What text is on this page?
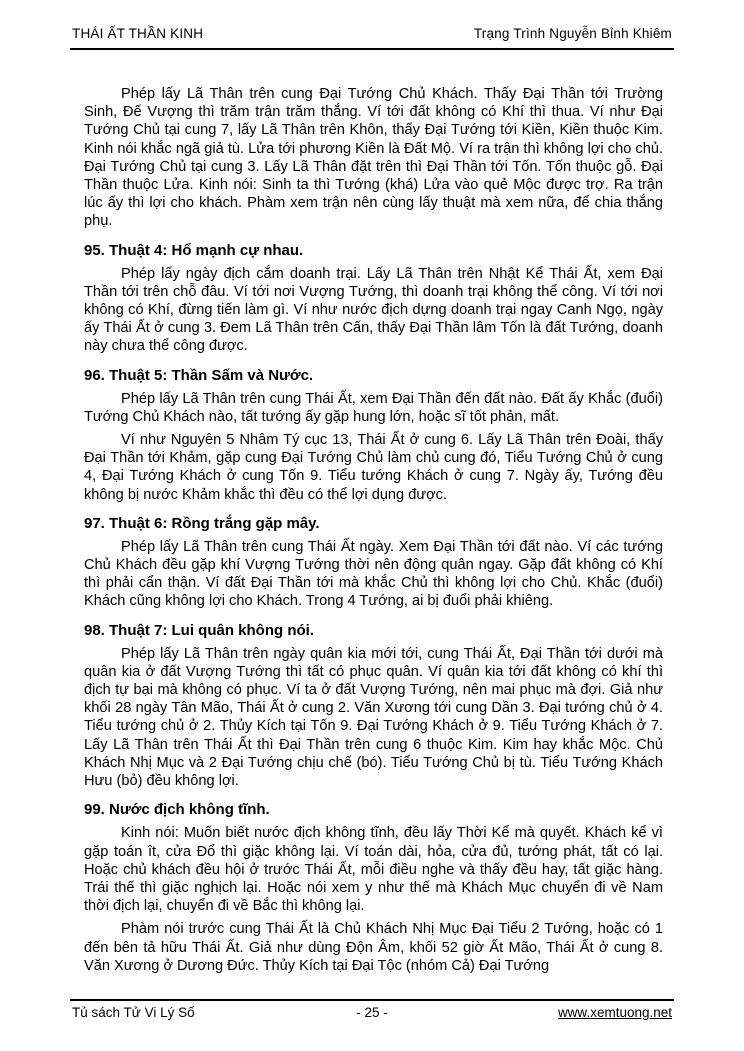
THÁI ẤT THẦN KINH	Trạng Trình Nguyễn Bỉnh Khiêm

Phép lấy Lã Thân trên cung Đại Tướng Chủ Khách. Thấy Đại Thần tới Trường Sinh, Đế Vượng thì trăm trận trăm thắng. Ví tới đất không có Khí thì thua. Ví như Đại Tướng Chủ tại cung 7, lấy Lã Thân trên Khôn, thấy Đại Tướng tới Kiền, Kiền thuộc Kim. Kinh nói khắc ngã giả tù. Lửa tới phương Kiền là Đất Mộ. Ví ra trận thì không lợi cho chủ. Đại Tướng Chủ tại cung 3. Lấy Lã Thân đặt trên thì Đại Thần tới Tốn. Tốn thuộc gỗ. Đại Thần thuộc Lửa. Kinh nói: Sinh ta thì Tướng (khá) Lửa vào quẻ Mộc được trợ. Ra trận lúc ấy thì lợi cho khách. Phàm xem trận nên cùng lấy thuật mà xem nữa, để chia thắng phụ.

95. Thuật 4: Hổ mạnh cự nhau.

Phép lấy ngày địch cắm doanh trại. Lấy Lã Thân trên Nhật Kể Thái Ất, xem Đại Thần tới trên chỗ đâu. Ví tới nơi Vượng Tướng, thì doanh trại không thể công. Ví tới nơi không có Khí, đừng tiến làm gì. Ví như nước địch dựng doanh trại ngay Canh Ngọ, ngày ấy Thái Ất ở cung 3. Đem Lã Thân trên Cấn, thấy Đại Thần lâm Tốn là đất Tướng, doanh này chưa thể công được.

96. Thuật 5: Thần Sấm và Nước.

Phép lấy Lã Thân trên cung Thái Ất, xem Đại Thần đến đất nào. Đất ấy Khắc (đuổi) Tướng Chủ Khách nào, tất tướng ấy gặp hung lớn, hoặc sĩ tốt phản, mất.

Ví như Nguyên 5 Nhâm Tý cục 13, Thái Ất ở cung 6. Lấy Lã Thân trên Đoài, thấy Đại Thần tới Khảm, gặp cung Đại Tướng Chủ làm chủ cung đó, Tiểu Tướng Chủ ở cung 4, Đại Tướng Khách ở cung Tốn 9. Tiểu tướng Khách ở cung 7. Ngày ấy, Tướng đều không bị nước Khảm khắc thì đều có thể lợi dụng được.

97. Thuật 6: Rồng trắng gặp mây.

Phép lấy Lã Thân trên cung Thái Ất ngày. Xem Đại Thần tới đất nào. Ví các tướng Chủ Khách đều gặp khí Vượng Tướng thời nên động quân ngay. Gặp đất không có Khí thì phải cẩn thận. Ví đất Đại Thần tới mà khắc Chủ thì không lợi cho Chủ. Khắc (đuổi) Khách cũng không lợi cho Khách. Trong 4 Tướng, ai bị đuổi phải khiêng.

98. Thuật 7: Lui quân không nói.

Phép lấy Lã Thân trên ngày quân kia mới tới, cung Thái Ất, Đại Thần tới dưới mà quân kia ở đất Vượng Tướng thì tất có phục quân. Ví quân kia tới đất không có khí thì địch tự bại mà không có phục. Ví ta ở đất Vượng Tướng, nên mai phục mà đợi. Giả như khối 28 ngày Tân Mão, Thái Ất ở cung 2. Văn Xương tới cung Dần 3. Đại tướng chủ ở 4. Tiểu tướng chủ ở 2. Thủy Kích tại Tốn 9. Đại Tướng Khách ở 9. Tiểu Tướng Khách ở 7. Lấy Lã Thân trên Thái Ất thì Đại Thần trên cung 6 thuộc Kim. Kim hay khắc Mộc. Chủ Khách Nhị Mục và 2 Đại Tướng chịu chế (bó). Tiểu Tướng Chủ bị tù. Tiểu Tướng Khách Hưu (bỏ) đều không lợi.

99. Nước địch không tĩnh.

Kinh nói: Muốn biết nước địch không tĩnh, đều lấy Thời Kể mà quyết. Khách kể vì gặp toán ît, cửa Đổ thì giặc không lại. Ví toán dài, hỏa, cửa đủ, tướng phát, tất có lại. Hoặc chủ khách đều hội ở trước Thái Ất, mỗi điều nghe và thấy đều hay, tất giặc hàng. Trái thế thì giặc nghịch lại. Hoặc nói xem y như thế mà Khách Mục chuyển đi về Nam thời địch lại, chuyển đi về Bắc thì không lại.

Phàm nói trước cung Thái Ất là Chủ Khách Nhị Mục Đại Tiểu 2 Tướng, hoặc có 1 đến bên tả hữu Thái Ất. Giả như dùng Độn Âm, khối 52 giờ Ất Mão, Thái Ất ở cung 8. Văn Xương ở Dương Đức. Thủy Kích tại Đại Tộc (nhóm Cả) Đại Tướng

Tủ sách Tử Vi Lý Số	- 25 -	www.xemtuong.net
